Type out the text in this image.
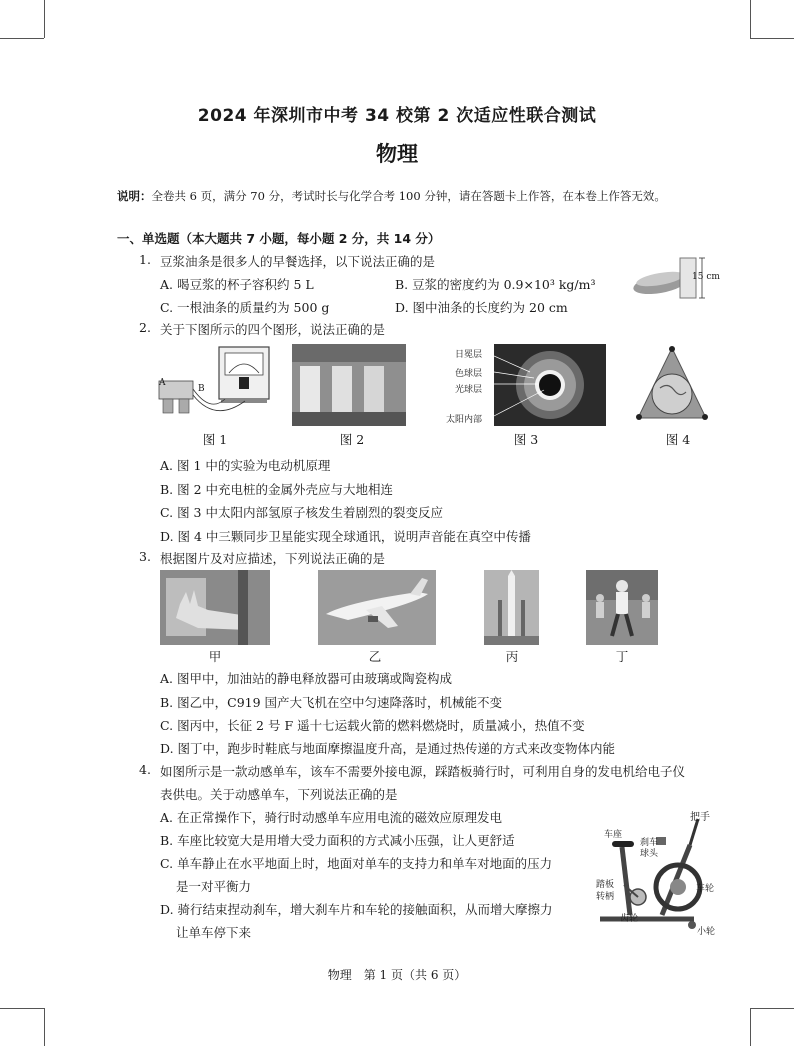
2024 年深圳市中考 34 校第 2 次适应性联合测试
物理
说明：全卷共 6 页，满分 70 分，考试时长与化学合考 100 分钟，请在答题卡上作答，在本卷上作答无效。
一、单选题（本大题共 7 小题，每小题 2 分，共 14 分）
1. 豆浆油条是很多人的早餐选择，以下说法正确的是
A. 喝豆浆的杯子容积约 5 L	B. 豆浆的密度约为 0.9×10³ kg/m³
C. 一根油条的质量约为 500 g	D. 图中油条的长度约为 20 cm
15 cm
2. 关于下图所示的四个图形，说法正确的是
A
B
图 1	图 2
日冕层
色球层
光球层
太阳内部
图 3	图 4
A. 图 1 中的实验为电动机原理
B. 图 2 中充电桩的金属外壳应与大地相连
C. 图 3 中太阳内部氢原子核发生着剧烈的裂变反应
D. 图 4 中三颗同步卫星能实现全球通讯，说明声音能在真空中传播
3. 根据图片及对应描述，下列说法正确的是
甲	乙	丙	丁
A. 图甲中，加油站的静电释放器可由玻璃或陶瓷构成
B. 图乙中，C919 国产大飞机在空中匀速降落时，机械能不变
C. 图丙中，长征 2 号 F 遥十七运载火箭的燃料燃烧时，质量减小，热值不变
D. 图丁中，跑步时鞋底与地面摩擦温度升高，是通过热传递的方式来改变物体内能
4. 如图所示是一款动感单车，该车不需要外接电源，踩踏板骑行时，可利用自身的发电机给电子仪
表供电。关于动感单车，下列说法正确的是
A. 在正常操作下，骑行时动感单车应用电流的磁效应原理发电
B. 车座比较宽大是用增大受力面积的方式减小压强，让人更舒适
C. 单车静止在水平地面上时，地面对单车的支持力和单车对地面的压力
是一对平衡力
D. 骑行结束捏动刹车，增大刹车片和车轮的接触面积，从而增大摩擦力
让单车停下来
把手
车座
刹车球头
踏板
转柄
车轮
齿轮
小轮
物理　第 1 页（共 6 页）
